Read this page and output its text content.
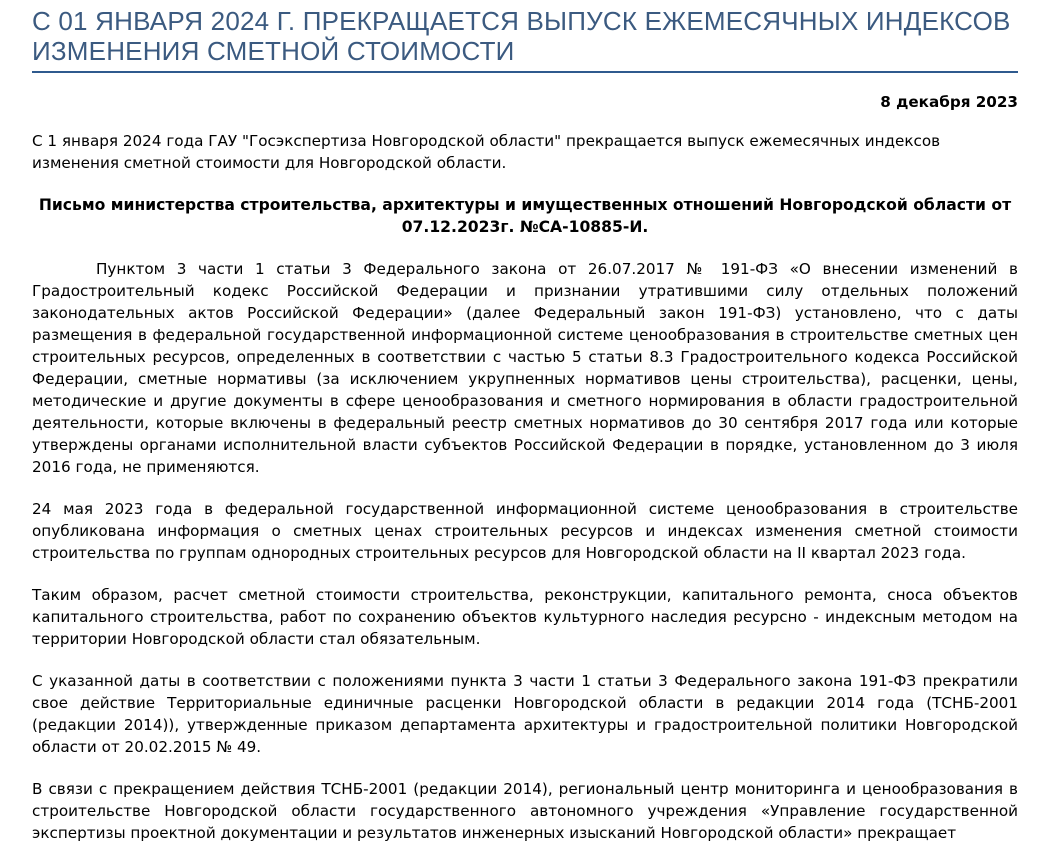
С 01 ЯНВАРЯ 2024 Г. ПРЕКРАЩАЕТСЯ ВЫПУСК ЕЖЕМЕСЯЧНЫХ ИНДЕКСОВ ИЗМЕНЕНИЯ СМЕТНОЙ СТОИМОСТИ
8 декабря 2023

С 1 января 2024 года ГАУ "Госэкспертиза Новгородской области" прекращается выпуск ежемесячных индексов изменения сметной стоимости для Новгородской области.

Письмо министерства строительства, архитектуры и имущественных отношений Новгородской области от 07.12.2023г. №СА-10885-И.

Пунктом 3 части 1 статьи 3 Федерального закона от 26.07.2017 № 191-ФЗ «О внесении изменений в Градостроительный кодекс Российской Федерации и признании утратившими силу отдельных положений законодательных актов Российской Федерации» (далее Федеральный закон 191-ФЗ) установлено, что с даты размещения в федеральной государственной информационной системе ценообразования в строительстве сметных цен строительных ресурсов, определенных в соответствии с частью 5 статьи 8.3 Градостроительного кодекса Российской Федерации, сметные нормативы (за исключением укрупненных нормативов цены строительства), расценки, цены, методические и другие документы в сфере ценообразования и сметного нормирования в области градостроительной деятельности, которые включены в федеральный реестр сметных нормативов до 30 сентября 2017 года или которые утверждены органами исполнительной власти субъектов Российской Федерации в порядке, установленном до 3 июля 2016 года, не применяются.

24 мая 2023 года в федеральной государственной информационной системе ценообразования в строительстве опубликована информация о сметных ценах строительных ресурсов и индексах изменения сметной стоимости строительства по группам однородных строительных ресурсов для Новгородской области на II квартал 2023 года.

Таким образом, расчет сметной стоимости строительства, реконструкции, капитального ремонта, сноса объектов капитального строительства, работ по сохранению объектов культурного наследия ресурсно - индексным методом на территории Новгородской области стал обязательным.

С указанной даты в соответствии с положениями пункта 3 части 1 статьи 3 Федерального закона 191-ФЗ прекратили свое действие Территориальные единичные расценки Новгородской области в редакции 2014 года (ТСНБ-2001 (редакции 2014)), утвержденные приказом департамента архитектуры и градостроительной политики Новгородской области от 20.02.2015 № 49.

В связи с прекращением действия ТСНБ-2001 (редакции 2014), региональный центр мониторинга и ценообразования в строительстве Новгородской области государственного автономного учреждения «Управление государственной экспертизы проектной документации и результатов инженерных изысканий Новгородской области» прекращает
